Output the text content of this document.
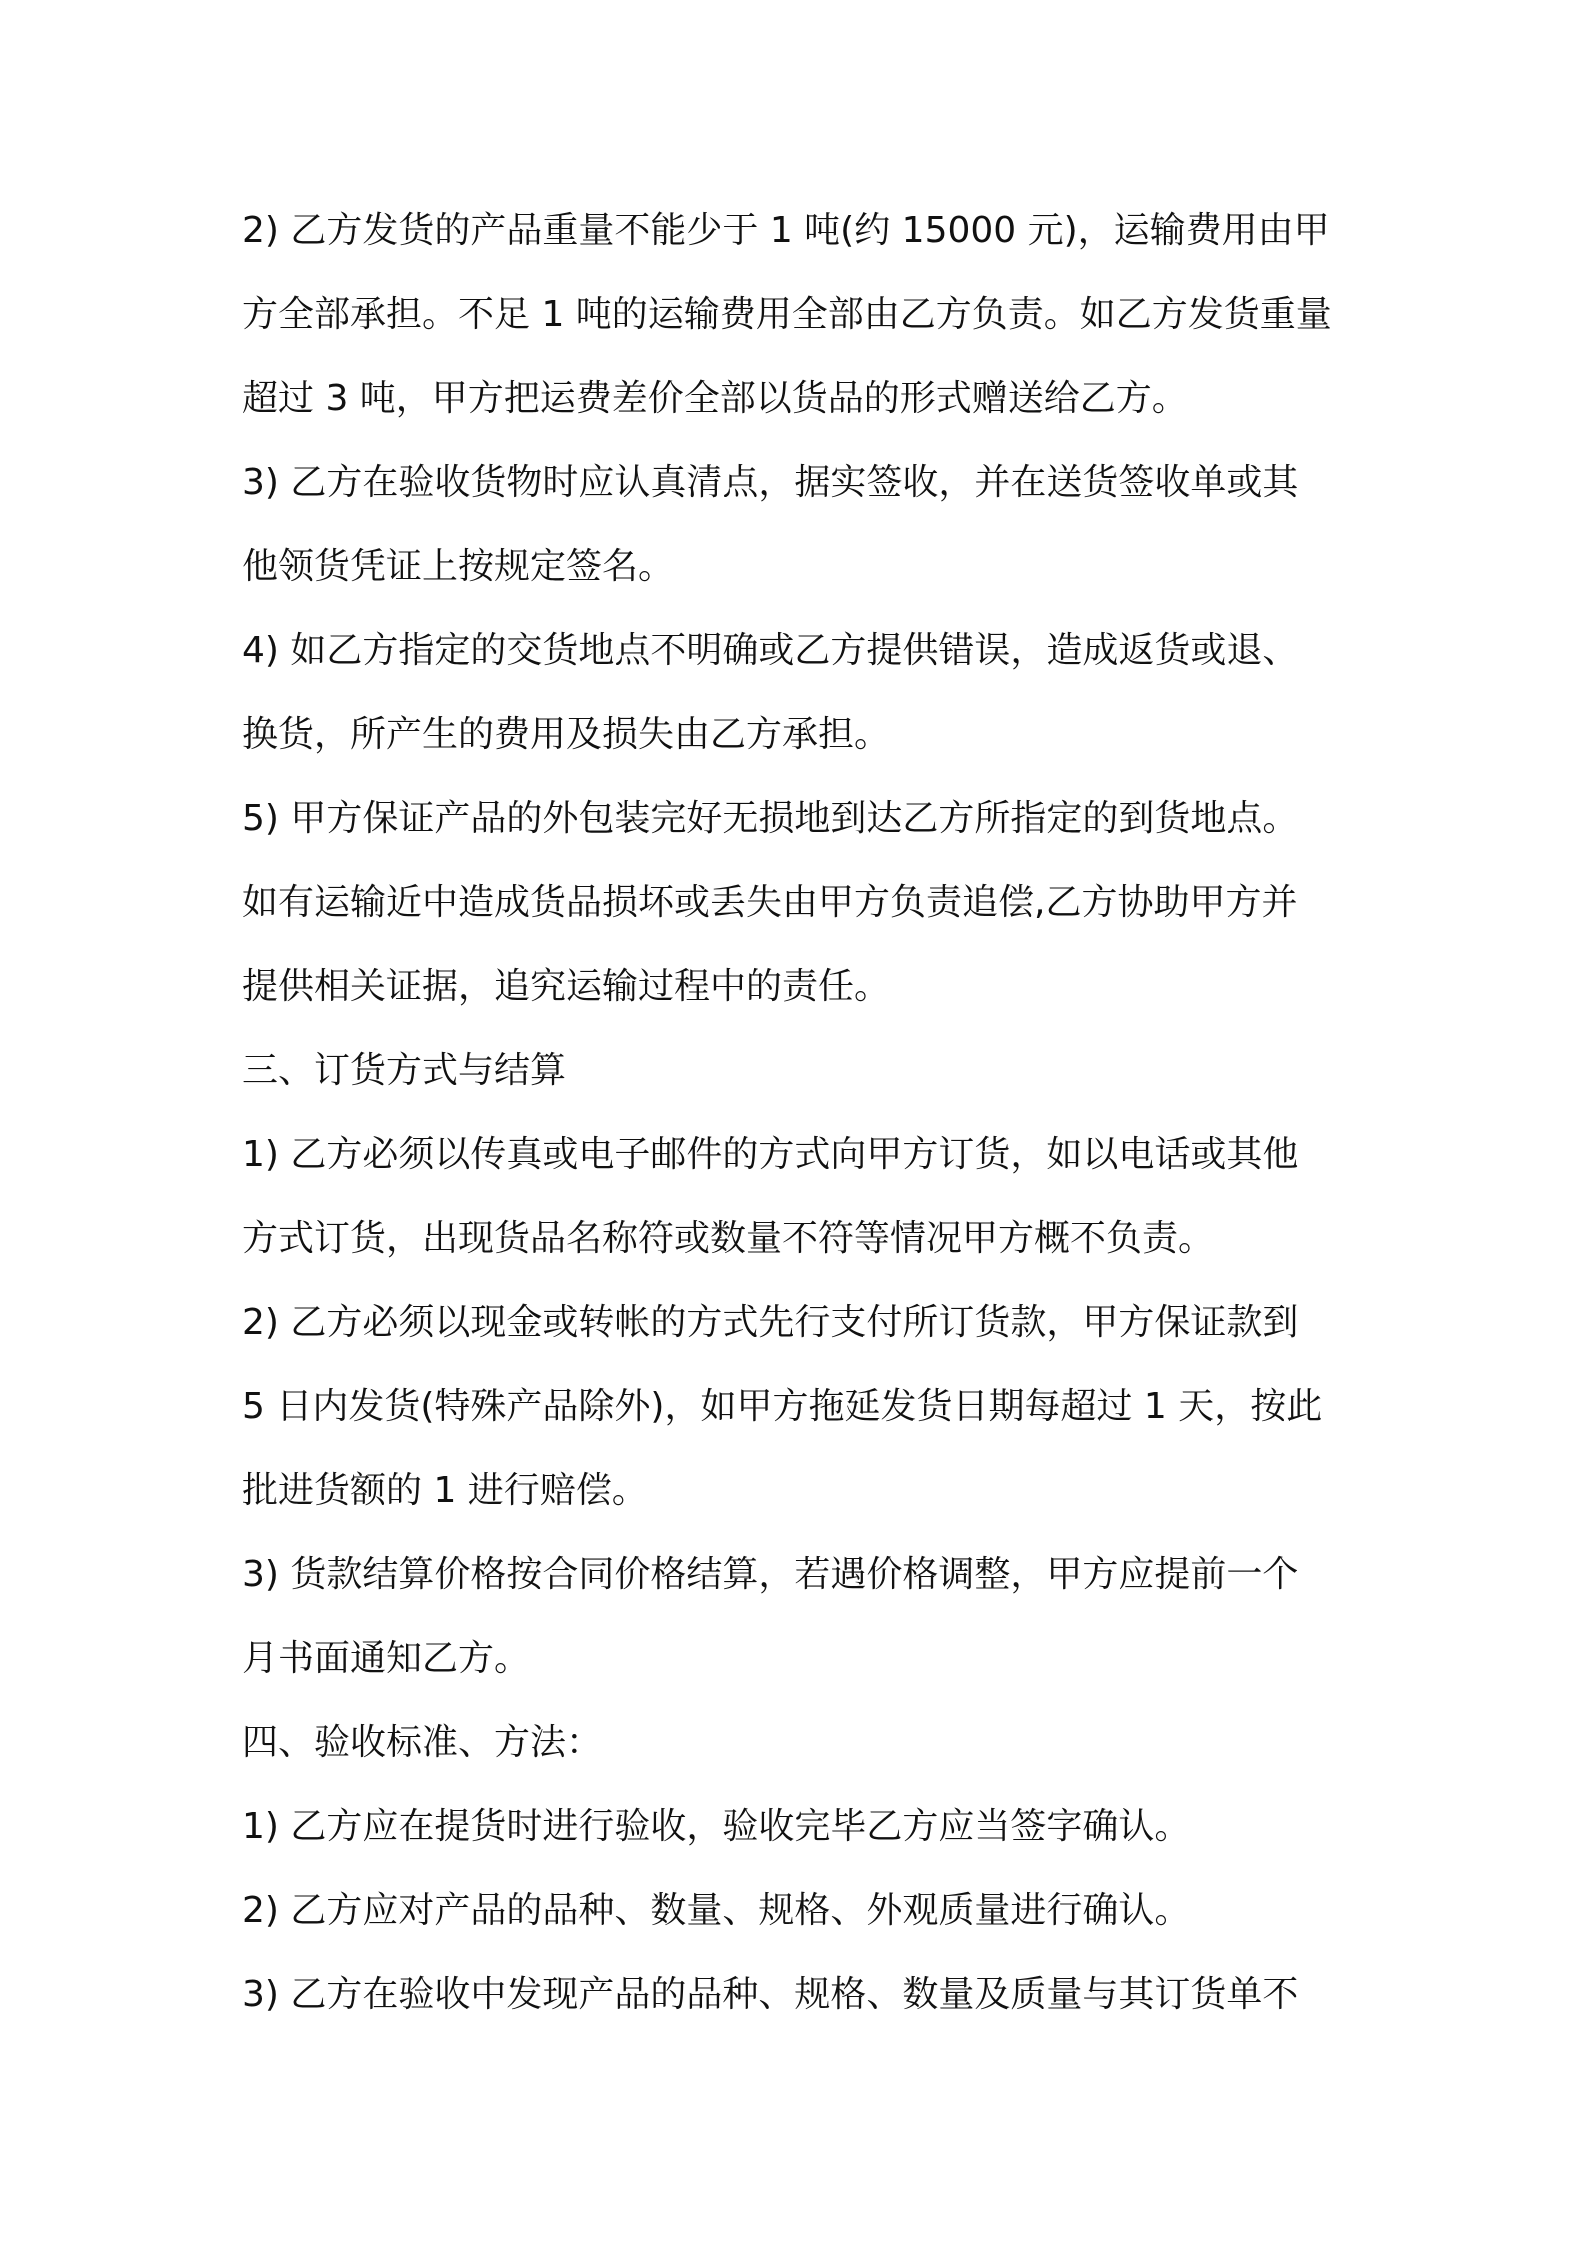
2) 乙方发货的产品重量不能少于 1 吨(约 15000 元)，运输费用由甲
方全部承担。不足 1 吨的运输费用全部由乙方负责。如乙方发货重量
超过 3 吨，甲方把运费差价全部以货品的形式赠送给乙方。
3) 乙方在验收货物时应认真清点，据实签收，并在送货签收单或其
他领货凭证上按规定签名。
4) 如乙方指定的交货地点不明确或乙方提供错误，造成返货或退、
换货，所产生的费用及损失由乙方承担。
5) 甲方保证产品的外包装完好无损地到达乙方所指定的到货地点。
如有运输近中造成货品损坏或丢失由甲方负责追偿,乙方协助甲方并
提供相关证据，追究运输过程中的责任。
三、订货方式与结算
1) 乙方必须以传真或电子邮件的方式向甲方订货，如以电话或其他
方式订货，出现货品名称符或数量不符等情况甲方概不负责。
2) 乙方必须以现金或转帐的方式先行支付所订货款，甲方保证款到
5 日内发货(特殊产品除外)，如甲方拖延发货日期每超过 1 天，按此
批进货额的 1 进行赔偿。
3) 货款结算价格按合同价格结算，若遇价格调整，甲方应提前一个
月书面通知乙方。
四、验收标准、方法：
1) 乙方应在提货时进行验收，验收完毕乙方应当签字确认。
2) 乙方应对产品的品种、数量、规格、外观质量进行确认。
3) 乙方在验收中发现产品的品种、规格、数量及质量与其订货单不
